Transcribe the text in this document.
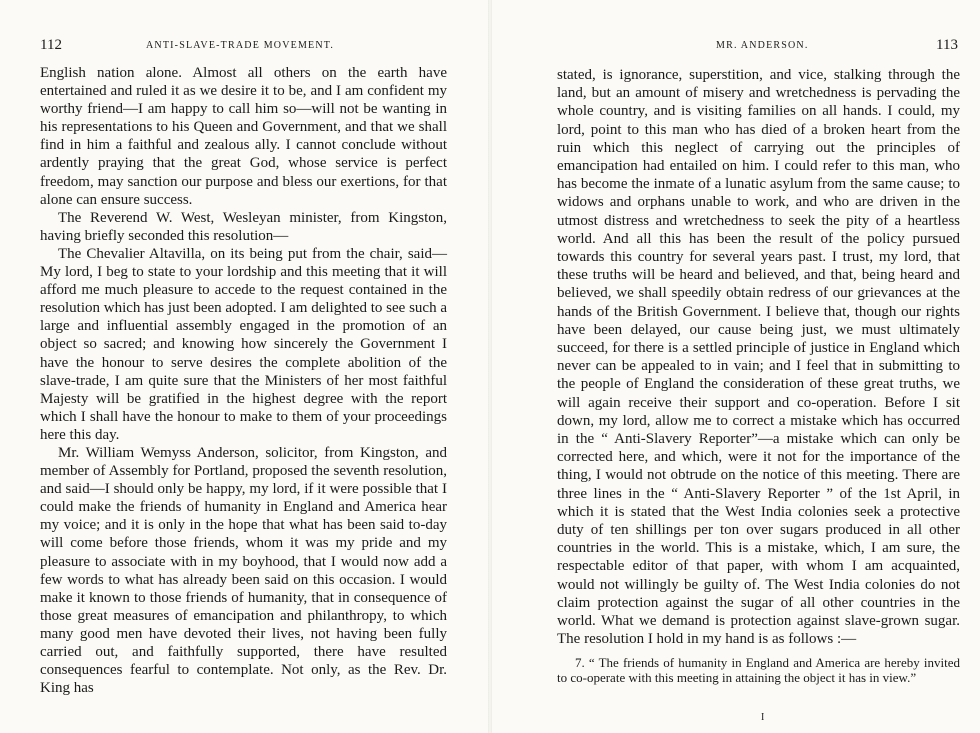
112	ANTI-SLAVE-TRADE MOVEMENT.

English nation alone. Almost all others on the earth have entertained and ruled it as we desire it to be, and I am confident my worthy friend—I am happy to call him so—will not be wanting in his representations to his Queen and Government, and that we shall find in him a faithful and zealous ally. I cannot conclude without ardently praying that the great God, whose service is perfect freedom, may sanction our purpose and bless our exertions, for that alone can ensure success.

The Reverend W. West, Wesleyan minister, from Kingston, having briefly seconded this resolution—

The Chevalier Altavilla, on its being put from the chair, said—My lord, I beg to state to your lordship and this meeting that it will afford me much pleasure to accede to the request contained in the resolution which has just been adopted. I am delighted to see such a large and influential assembly engaged in the promotion of an object so sacred; and knowing how sincerely the Government I have the honour to serve desires the complete abolition of the slave-trade, I am quite sure that the Ministers of her most faithful Majesty will be gratified in the highest degree with the report which I shall have the honour to make to them of your proceedings here this day.

Mr. William Wemyss Anderson, solicitor, from Kingston, and member of Assembly for Portland, proposed the seventh resolution, and said—I should only be happy, my lord, if it were possible that I could make the friends of humanity in England and America hear my voice; and it is only in the hope that what has been said to-day will come before those friends, whom it was my pride and my pleasure to associate with in my boyhood, that I would now add a few words to what has already been said on this occasion. I would make it known to those friends of humanity, that in consequence of those great measures of emancipation and philanthropy, to which many good men have devoted their lives, not having been fully carried out, and faithfully supported, there have resulted consequences fearful to contemplate. Not only, as the Rev. Dr. King has

MR. ANDERSON.	113

stated, is ignorance, superstition, and vice, stalking through the land, but an amount of misery and wretchedness is pervading the whole country, and is visiting families on all hands. I could, my lord, point to this man who has died of a broken heart from the ruin which this neglect of carrying out the principles of emancipation had entailed on him. I could refer to this man, who has become the inmate of a lunatic asylum from the same cause; to widows and orphans unable to work, and who are driven in the utmost distress and wretchedness to seek the pity of a heartless world. And all this has been the result of the policy pursued towards this country for several years past. I trust, my lord, that these truths will be heard and believed, and that, being heard and believed, we shall speedily obtain redress of our grievances at the hands of the British Government. I believe that, though our rights have been delayed, our cause being just, we must ultimately succeed, for there is a settled principle of justice in England which never can be appealed to in vain; and I feel that in submitting to the people of England the consideration of these great truths, we will again receive their support and co-operation. Before I sit down, my lord, allow me to correct a mistake which has occurred in the “ Anti-Slavery Reporter”—a mistake which can only be corrected here, and which, were it not for the importance of the thing, I would not obtrude on the notice of this meeting. There are three lines in the “ Anti-Slavery Reporter ” of the 1st April, in which it is stated that the West India colonies seek a protective duty of ten shillings per ton over sugars produced in all other countries in the world. This is a mistake, which, I am sure, the respectable editor of that paper, with whom I am acquainted, would not willingly be guilty of. The West India colonies do not claim protection against the sugar of all other countries in the world. What we demand is protection against slave-grown sugar. The resolution I hold in my hand is as follows :—

7. “ The friends of humanity in England and America are hereby invited to co-operate with this meeting in attaining the object it has in view.”

I
